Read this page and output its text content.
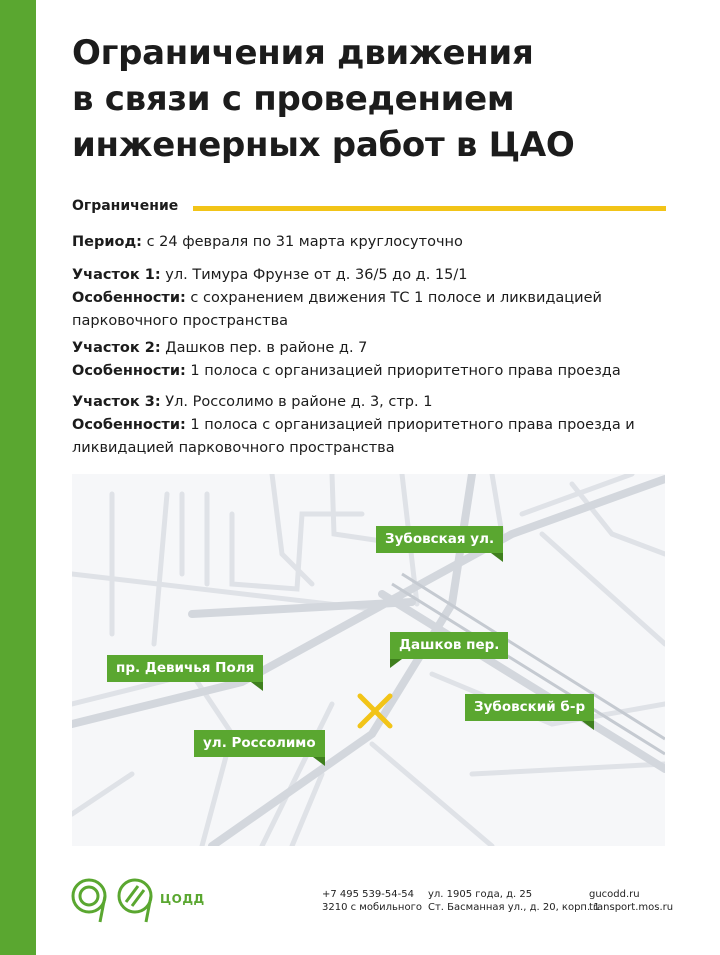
Ограничения движения
в связи с проведением
инженерных работ в ЦАО
Ограничение

Период: с 24 февраля по 31 марта круглосуточно

Участок 1: ул. Тимура Фрунзе от д. 36/5 до д. 15/1

Особенности: с сохранением движения ТС 1 полосе и ликвидацией парковочного пространства

Участок 2: Дашков пер. в районе д. 7

Особенности: 1 полоса с организацией приоритетного права проезда

Участок 3: Ул. Россолимо в районе д. 3, стр. 1

Особенности: 1 полоса с организацией приоритетного права проезда и ликвидацией парковочного пространства

Зубовская ул.
Дашков пер.
пр. Девичья Поля
Зубовский б-р
ул. Россолимо
ЦОДД	+7 495 539-54-54
3210 с мобильного
ул. 1905 года, д. 25
Ст. Басманная ул., д. 20, корп. 1
gucodd.ru
transport.mos.ru
